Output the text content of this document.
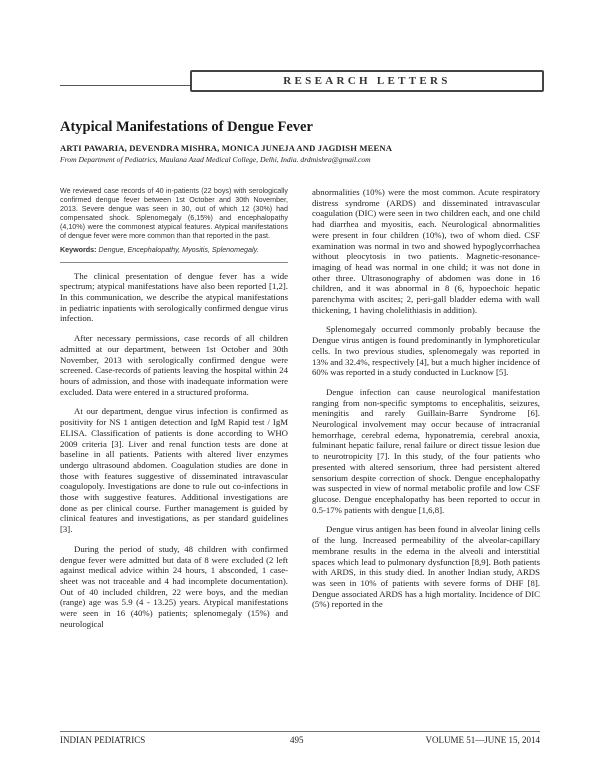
RESEARCH LETTERS
Atypical Manifestations of Dengue Fever
ARTI PAWARIA, DEVENDRA MISHRA, MONICA JUNEJA AND JAGDISH MEENA
From Department of Pediatrics, Maulana Azad Medical College, Delhi, India. drdmishra@gmail.com
We reviewed case records of 40 in-patients (22 boys) with serologically confirmed dengue fever between 1st October and 30th November, 2013. Severe dengue was seen in 30, out of which 12 (30%) had compensated shock. Splenomegaly (6,15%) and encephalopathy (4,10%) were the commonest atypical features. Atypical manifestations of dengue fever were more common than that reported in the past.
Keywords: Dengue, Encephalopathy, Myositis, Splenomegaly.

The clinical presentation of dengue fever has a wide spectrum; atypical manifestations have also been reported [1,2]. In this communication, we describe the atypical manifestations in pediatric inpatients with serologically confirmed dengue virus infection.

After necessary permissions, case records of all children admitted at our department, between 1st October and 30th November, 2013 with serologically confirmed dengue were screened. Case-records of patients leaving the hospital within 24 hours of admission, and those with inadequate information were excluded. Data were entered in a structured proforma.

At our department, dengue virus infection is confirmed as positivity for NS 1 antigen detection and IgM Rapid test / IgM ELISA. Classification of patients is done according to WHO 2009 criteria [3]. Liver and renal function tests are done at baseline in all patients. Patients with altered liver enzymes undergo ultrasound abdomen. Coagulation studies are done in those with features suggestive of disseminated intravascular coagulopoly. Investigations are done to rule out co-infections in those with suggestive features. Additional investigations are done as per clinical course. Further management is guided by clinical features and investigations, as per standard guidelines [3].

During the period of study, 48 children with confirmed dengue fever were admitted but data of 8 were excluded (2 left against medical advice within 24 hours, 1 absconded, 1 case-sheet was not traceable and 4 had incomplete documentation). Out of 40 included children, 22 were boys, and the median (range) age was 5.9 (4 - 13.25) years. Atypical manifestations were seen in 16 (40%) patients; splenomegaly (15%) and neurological

abnormalities (10%) were the most common. Acute respiratory distress syndrome (ARDS) and disseminated intravascular coagulation (DIC) were seen in two children each, and one child had diarrhea and myositis, each. Neurological abnormalities were present in four children (10%), two of whom died. CSF examination was normal in two and showed hypoglycorrhachea without pleocytosis in two patients. Magnetic-resonance-imaging of head was normal in one child; it was not done in other three. Ultrasonography of abdomen was done in 16 children, and it was abnormal in 8 (6, hypoechoic hepatic parenchyma with ascites; 2, peri-gall bladder edema with wall thickening, 1 having cholelithiasis in addition).

Splenomegaly occurred commonly probably because the Dengue virus antigen is found predominantly in lymphoreticular cells. In two previous studies, splenomegaly was reported in 13% and 32.4%, respectively [4], but a much higher incidence of 60% was reported in a study conducted in Lucknow [5].

Dengue infection can cause neurological manifestation ranging from non-specific symptoms to encephalitis, seizures, meningitis and rarely Guillain-Barre Syndrome [6]. Neurological involvement may occur because of intracranial hemorrhage, cerebral edema, hyponatremia, cerebral anoxia, fulminant hepatic failure, renal failure or direct tissue lesion due to neurotropicity [7]. In this study, of the four patients who presented with altered sensorium, three had persistent altered sensorium despite correction of shock. Dengue encephalopathy was suspected in view of normal metabolic profile and low CSF glucose. Dengue encephalopathy has been reported to occur in 0.5-17% patients with dengue [1,6,8].

Dengue virus antigen has been found in alveolar lining cells of the lung. Increased permeability of the alveolar-capillary membrane results in the edema in the alveoli and interstitial spaces which lead to pulmonary dysfunction [8,9]. Both patients with ARDS, in this study died. In another Indian study, ARDS was seen in 10% of patients with severe forms of DHF [8]. Dengue associated ARDS has a high mortality. Incidence of DIC (5%) reported in the

INDIAN PEDIATRICS	495	VOLUME 51—JUNE 15, 2014
